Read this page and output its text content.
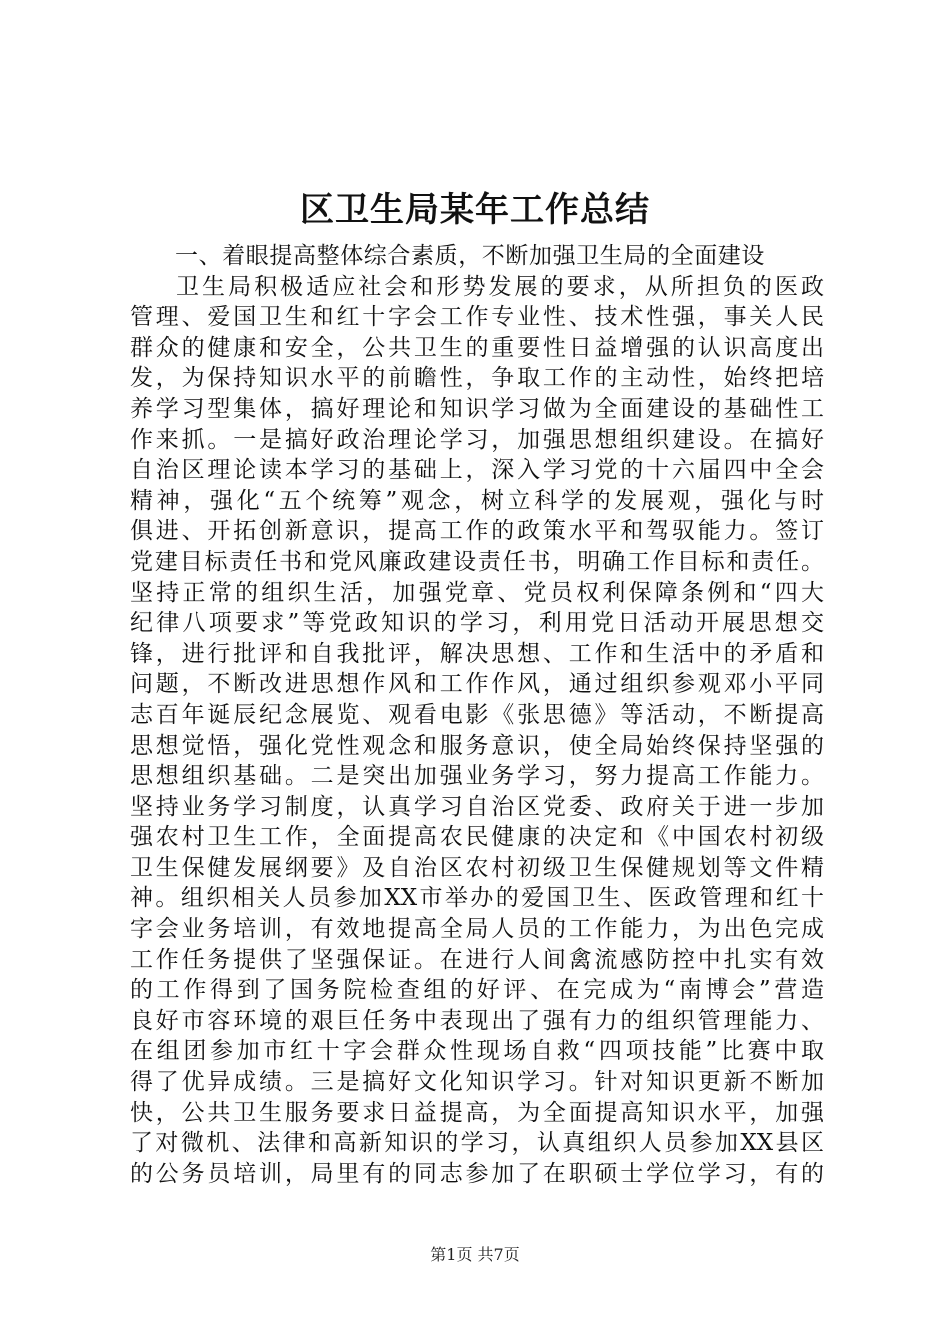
区卫生局某年工作总结
一、着眼提高整体综合素质，不断加强卫生局的全面建设
卫生局积极适应社会和形势发展的要求，从所担负的医政
管理、爱国卫生和红十字会工作专业性、技术性强，事关人民
群众的健康和安全，公共卫生的重要性日益增强的认识高度出
发，为保持知识水平的前瞻性，争取工作的主动性，始终把培
养学习型集体，搞好理论和知识学习做为全面建设的基础性工
作来抓。一是搞好政治理论学习，加强思想组织建设。在搞好
自治区理论读本学习的基础上，深入学习党的十六届四中全会
精神，强化“五个统筹”观念，树立科学的发展观，强化与时
俱进、开拓创新意识，提高工作的政策水平和驾驭能力。签订
党建目标责任书和党风廉政建设责任书，明确工作目标和责任。
坚持正常的组织生活，加强党章、党员权利保障条例和“四大
纪律八项要求”等党政知识的学习，利用党日活动开展思想交
锋，进行批评和自我批评，解决思想、工作和生活中的矛盾和
问题，不断改进思想作风和工作作风，通过组织参观邓小平同
志百年诞辰纪念展览、观看电影《张思德》等活动，不断提高
思想觉悟，强化党性观念和服务意识，使全局始终保持坚强的
思想组织基础。二是突出加强业务学习，努力提高工作能力。
坚持业务学习制度，认真学习自治区党委、政府关于进一步加
强农村卫生工作，全面提高农民健康的决定和《中国农村初级
卫生保健发展纲要》及自治区农村初级卫生保健规划等文件精
神。组织相关人员参加XX市举办的爱国卫生、医政管理和红十
字会业务培训，有效地提高全局人员的工作能力，为出色完成
工作任务提供了坚强保证。在进行人间禽流感防控中扎实有效
的工作得到了国务院检查组的好评、在完成为“南博会”营造
良好市容环境的艰巨任务中表现出了强有力的组织管理能力、
在组团参加市红十字会群众性现场自救“四项技能”比赛中取
得了优异成绩。三是搞好文化知识学习。针对知识更新不断加
快，公共卫生服务要求日益提高，为全面提高知识水平，加强
了对微机、法律和高新知识的学习，认真组织人员参加XX县区
的公务员培训，局里有的同志参加了在职硕士学位学习，有的
第1页 共7页
